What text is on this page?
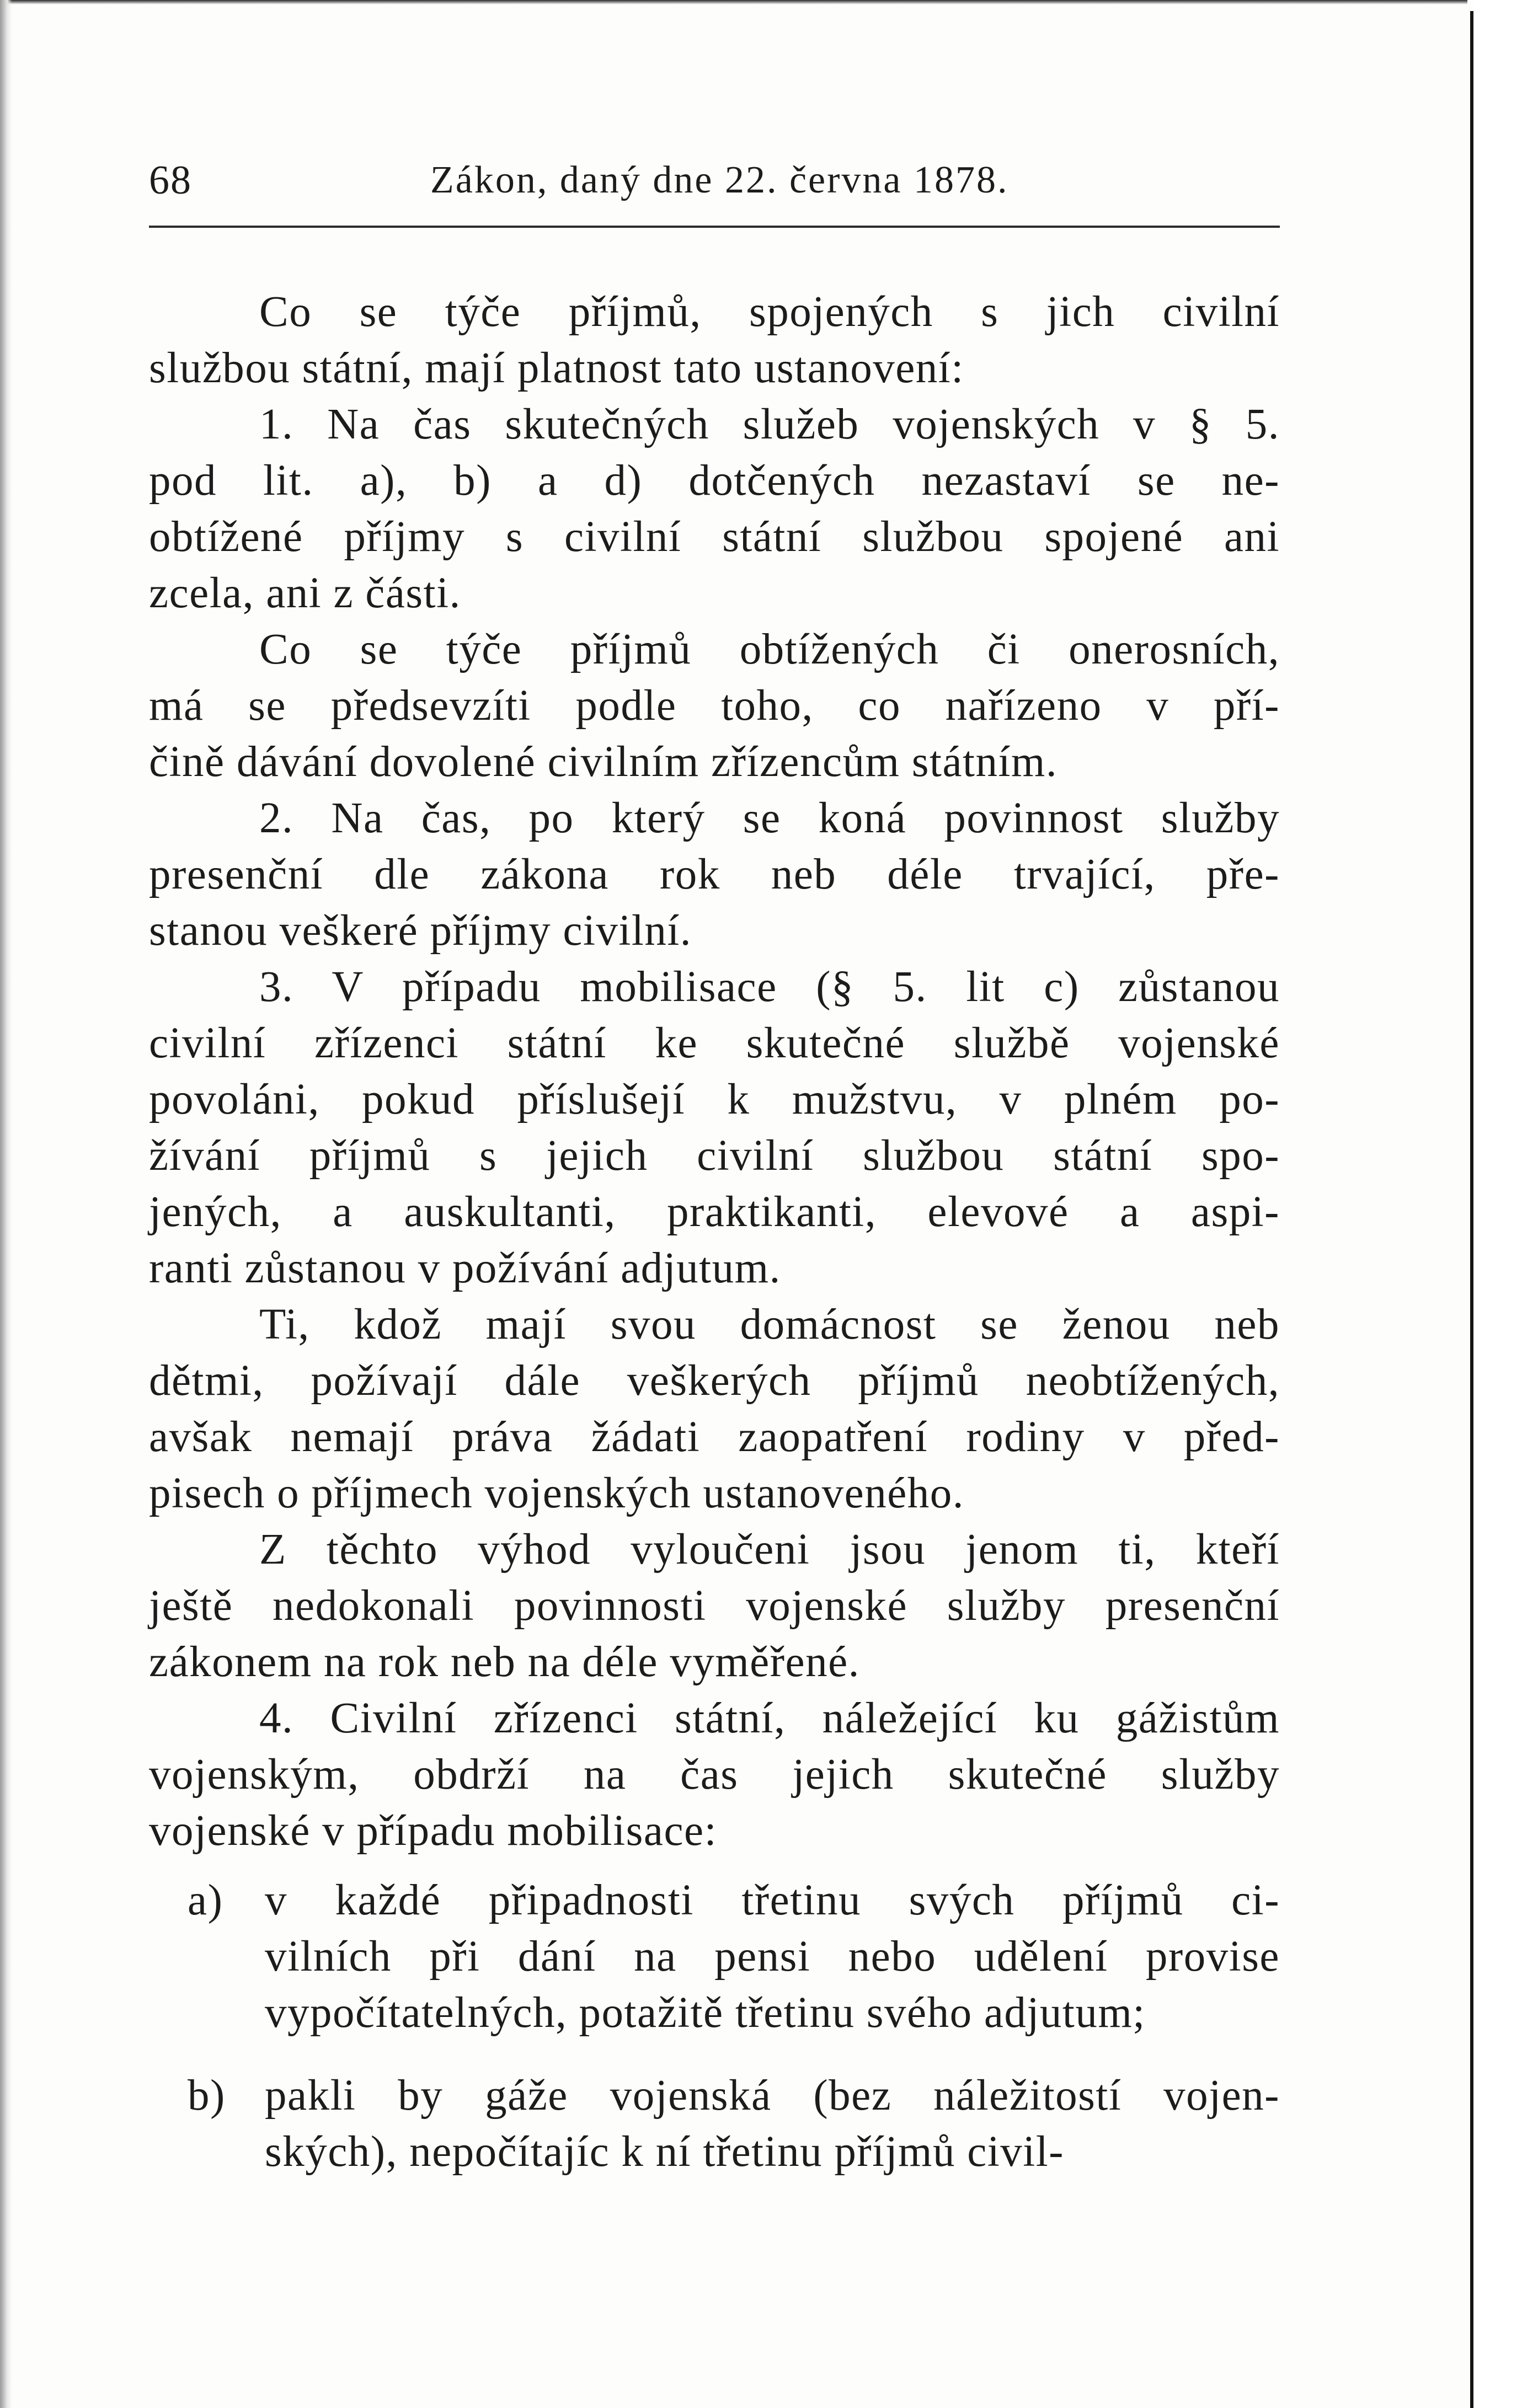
68	Zákon, daný dne 22. června 1878.
Co se týče příjmů, spojených s jich civilní
službou státní, mají platnost tato ustanovení:
1. Na čas skutečných služeb vojenských v § 5.
pod lit. a), b) a d) dotčených nezastaví se ne-
obtížené příjmy s civilní státní službou spojené ani
zcela, ani z části.
Co se týče příjmů obtížených či onerosních,
má se předsevzíti podle toho, co nařízeno v pří-
čině dávání dovolené civilním zřízencům státním.
2. Na čas, po který se koná povinnost služby
presenční dle zákona rok neb déle trvající, pře-
stanou veškeré příjmy civilní.
3. V případu mobilisace (§ 5. lit c) zůstanou
civilní zřízenci státní ke skutečné službě vojenské
povoláni, pokud příslušejí k mužstvu, v plném po-
žívání příjmů s jejich civilní službou státní spo-
jených, a auskultanti, praktikanti, elevové a aspi-
ranti zůstanou v požívání adjutum.
Ti, kdož mají svou domácnost se ženou neb
dětmi, požívají dále veškerých příjmů neobtížených,
avšak nemají práva žádati zaopatření rodiny v před-
pisech o příjmech vojenských ustanoveného.
Z těchto výhod vyloučeni jsou jenom ti, kteří
ještě nedokonali povinnosti vojenské služby presenční
zákonem na rok neb na déle vyměřené.
4. Civilní zřízenci státní, náležející ku gážistům
vojenským, obdrží na čas jejich skutečné služby
vojenské v případu mobilisace:
a) v každé připadnosti třetinu svých příjmů ci-
vilních při dání na pensi nebo udělení provise
vypočítatelných, potažitě třetinu svého adjutum;
b) pakli by gáže vojenská (bez náležitostí vojen-
ských), nepočítajíc k ní třetinu příjmů civil-
